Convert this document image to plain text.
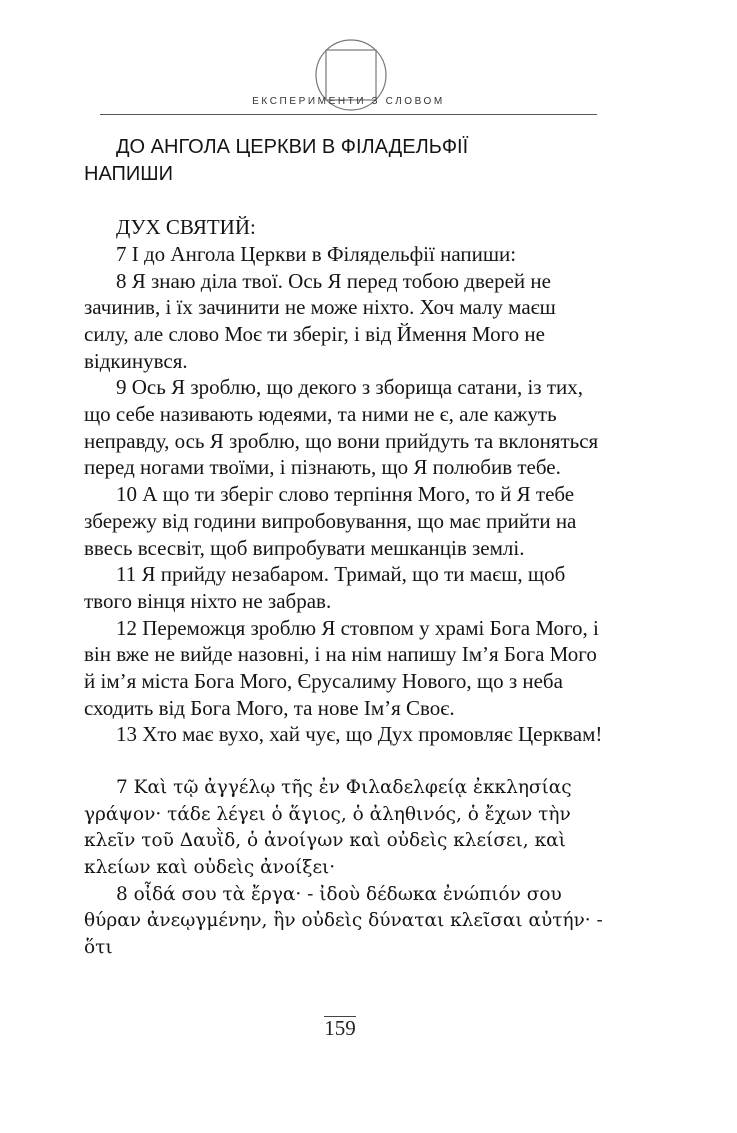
ЕКСПЕРИМЕНТИ З СЛОВОМ

ДО АНГОЛА ЦЕРКВИ В ФІЛАДЕЛЬФІЇ
НАПИШИ

ДУХ СВЯТИЙ:

7 І до Ангола Церкви в Філядельфії напиши:

8 Я знаю діла твої. Ось Я перед тобою дверей не зачинив, і їх зачинити не може ніхто. Хоч малу маєш силу, але слово Моє ти зберіг, і від Ймення Мого не відкинувся.

9 Ось Я зроблю, що декого з зборища сатани, із тих, що себе називають юдеями, та ними не є, але кажуть неправду, ось Я зроблю, що вони прийдуть та вклоняться перед ногами твоїми, і пізнають, що Я полюбив тебе.

10 А що ти зберіг слово терпіння Мого, то й Я тебе збережу від години випробовування, що має прийти на ввесь всесвіт, щоб випробувати мешканців землі.

11 Я прийду незабаром. Тримай, що ти маєш, щоб твого вінця ніхто не забрав.

12 Переможця зроблю Я стовпом у храмі Бога Мого, і він вже не вийде назовні, і на нім напишу Ім’я Бога Мого й ім’я міста Бога Мого, Єрусалиму Нового, що з неба сходить від Бога Мого, та нове Ім’я Своє.

13 Хто має вухо, хай чує, що Дух промовляє Церквам!

7 Καὶ τῷ ἀγγέλῳ τῆς ἐν Φιλαδελφείᾳ ἐκκλησίας γράψον· τάδε λέγει ὁ ἅγιος, ὁ ἀληθινός, ὁ ἔχων τὴν κλεῖν τοῦ Δαυῒδ, ὁ ἀνοίγων καὶ οὐδεὶς κλείσει, καὶ κλείων καὶ οὐδεὶς ἀνοίξει·

8 οἶδά σου τὰ ἔργα· - ἰδοὺ δέδωκα ἐνώπιόν σου θύραν ἀνεῳγμένην, ἣν οὐδεὶς δύναται κλεῖσαι αὐτήν· - ὅτι

159
